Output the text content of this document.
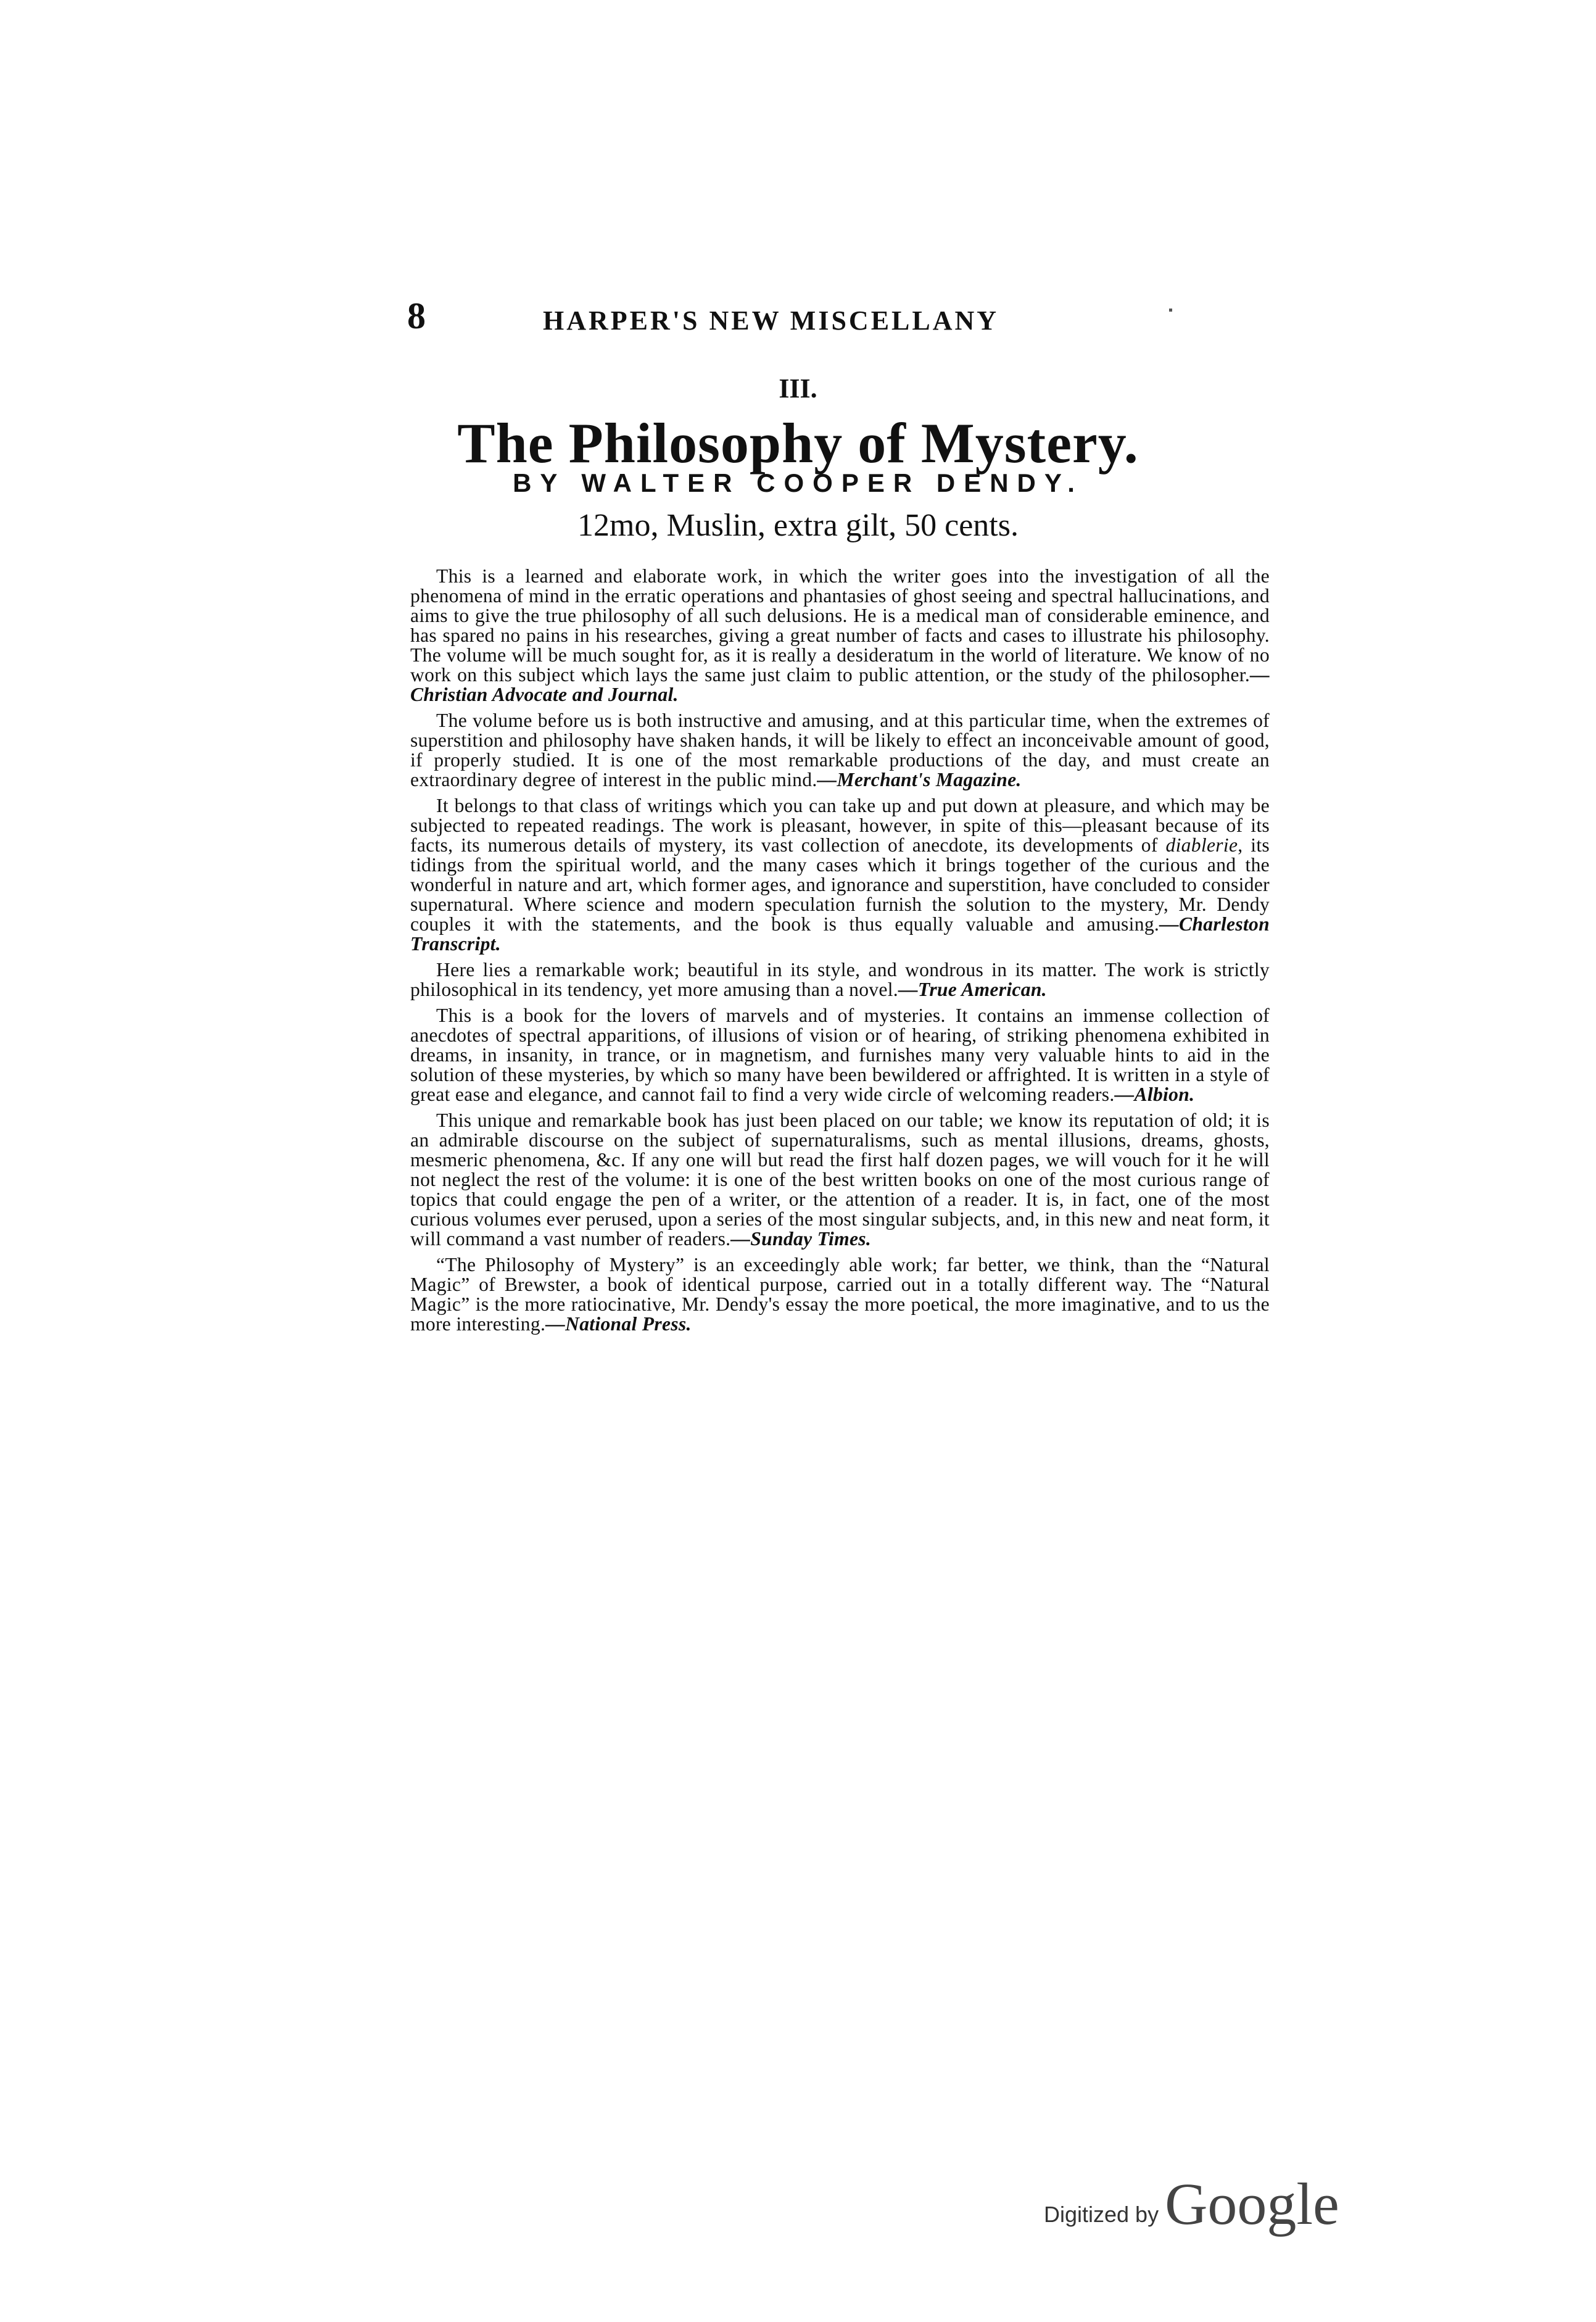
8	HARPER'S NEW MISCELLANY
III.
The Philosophy of Mystery.
BY WALTER COOPER DENDY.
12mo, Muslin, extra gilt, 50 cents.

This is a learned and elaborate work, in which the writer goes into the investigation of all the phenomena of mind in the erratic operations and phantasies of ghost seeing and spectral hallucinations, and aims to give the true philosophy of all such delusions. He is a medical man of considerable eminence, and has spared no pains in his researches, giving a great number of facts and cases to illustrate his philosophy. The volume will be much sought for, as it is really a desideratum in the world of literature. We know of no work on this subject which lays the same just claim to public attention, or the study of the philosopher.—Christian Advocate and Journal.

The volume before us is both instructive and amusing, and at this particular time, when the extremes of superstition and philosophy have shaken hands, it will be likely to effect an inconceivable amount of good, if properly studied. It is one of the most remarkable productions of the day, and must create an extraordinary degree of interest in the public mind.—Merchant's Magazine.

It belongs to that class of writings which you can take up and put down at pleasure, and which may be subjected to repeated readings. The work is pleasant, however, in spite of this—pleasant because of its facts, its numerous details of mystery, its vast collection of anecdote, its developments of diablerie, its tidings from the spiritual world, and the many cases which it brings together of the curious and the wonderful in nature and art, which former ages, and ignorance and superstition, have concluded to consider supernatural. Where science and modern speculation furnish the solution to the mystery, Mr. Dendy couples it with the statements, and the book is thus equally valuable and amusing.—Charleston Transcript.

Here lies a remarkable work; beautiful in its style, and wondrous in its matter. The work is strictly philosophical in its tendency, yet more amusing than a novel.—True American.

This is a book for the lovers of marvels and of mysteries. It contains an immense collection of anecdotes of spectral apparitions, of illusions of vision or of hearing, of striking phenomena exhibited in dreams, in insanity, in trance, or in magnetism, and furnishes many very valuable hints to aid in the solution of these mysteries, by which so many have been bewildered or affrighted. It is written in a style of great ease and elegance, and cannot fail to find a very wide circle of welcoming readers.—Albion.

This unique and remarkable book has just been placed on our table; we know its reputation of old; it is an admirable discourse on the subject of supernaturalisms, such as mental illusions, dreams, ghosts, mesmeric phenomena, &c. If any one will but read the first half dozen pages, we will vouch for it he will not neglect the rest of the volume: it is one of the best written books on one of the most curious range of topics that could engage the pen of a writer, or the attention of a reader. It is, in fact, one of the most curious volumes ever perused, upon a series of the most singular subjects, and, in this new and neat form, it will command a vast number of readers.—Sunday Times.

“The Philosophy of Mystery” is an exceedingly able work; far better, we think, than the “Natural Magic” of Brewster, a book of identical purpose, carried out in a totally different way. The “Natural Magic” is the more ratiocinative, Mr. Dendy's essay the more poetical, the more imaginative, and to us the more interesting.—National Press.

Digitized by Google
